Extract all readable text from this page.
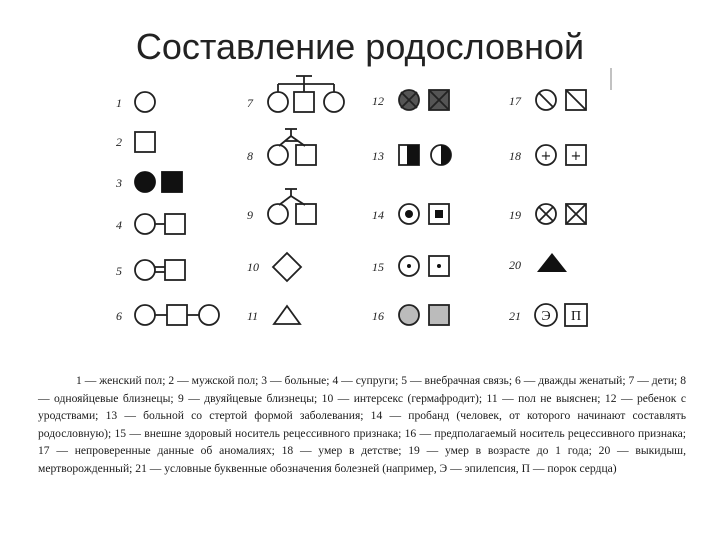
Составление родословной
1
2
3
4
5
6
7
8
9
10
11
12
13
14
15
16
17
18 + +
19
20
21 Э П

1 — женский пол; 2 — мужской пол; 3 — больные; 4 — супруги; 5 — внебрачная связь; 6 — дважды женатый; 7 — дети; 8 — однояйцевые близнецы; 9 — двуяйцевые близнецы; 10 — интерсекс (гермафродит); 11 — пол не выяснен; 12 — ребенок с уродствами; 13 — больной со стертой формой заболевания; 14 — пробанд (человек, от которого начинают составлять родословную); 15 — внешне здоровый носитель рецессивного признака; 16 — предполагаемый носитель рецессивного признака; 17 — непроверенные данные об аномалиях; 18 — умер в детстве; 19 — умер в возрасте до 1 года; 20 — выкидыш, мертворожденный; 21 — условные буквенные обозначения болезней (например, Э — эпилепсия, П — порок сердца)
